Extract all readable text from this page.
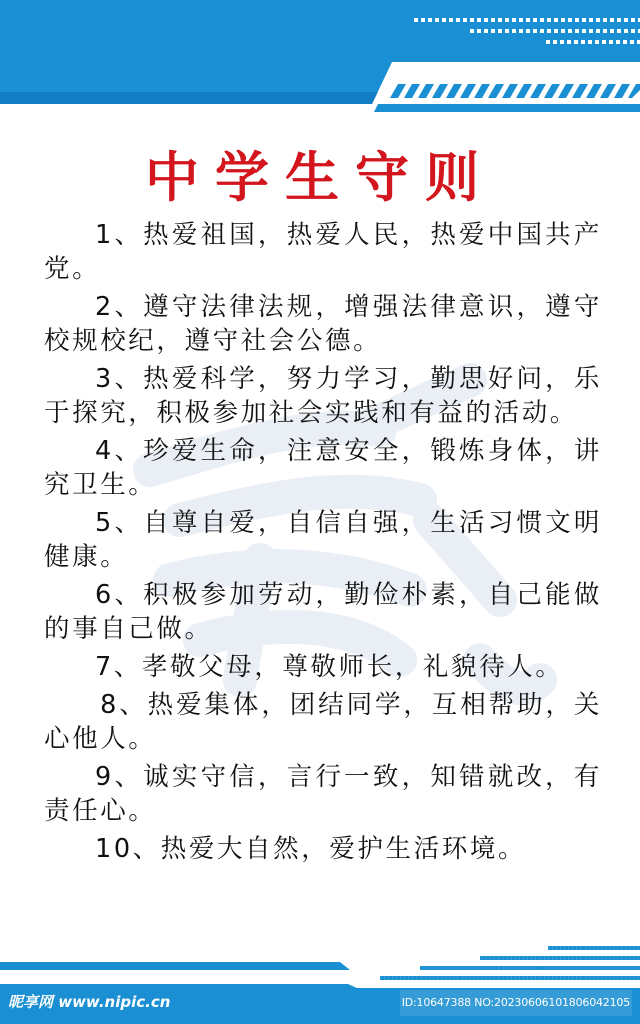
中学生守则

1、热爱祖国，热爱人民，热爱中国共产党。

2、遵守法律法规，增强法律意识，遵守校规校纪，遵守社会公德。

3、热爱科学，努力学习，勤思好问，乐于探究，积极参加社会实践和有益的活动。

4、珍爱生命，注意安全，锻炼身体，讲究卫生。

5、自尊自爱，自信自强，生活习惯文明健康。

6、积极参加劳动，勤俭朴素，自己能做的事自己做。

7、孝敬父母，尊敬师长，礼貌待人。

8、热爱集体，团结同学，互相帮助，关心他人。

9、诚实守信，言行一致，知错就改，有责任心。

10、热爱大自然，爱护生活环境。

昵享网 www.nipic.cn	ID:10647388 NO:20230606101806042105
